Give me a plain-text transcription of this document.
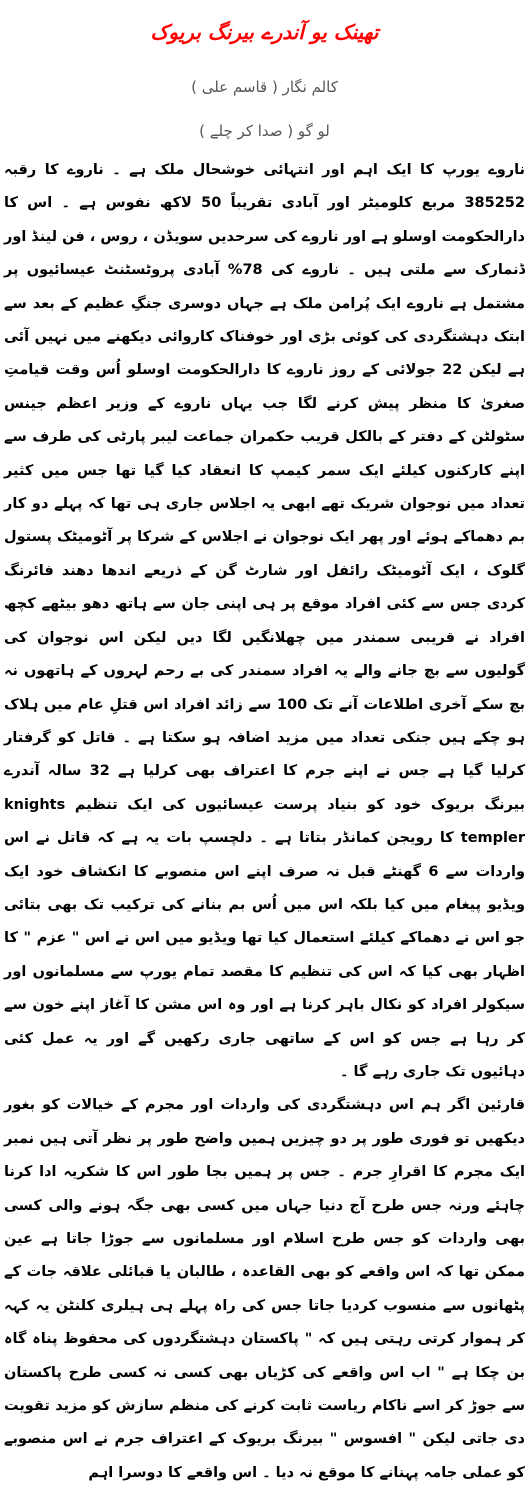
تھینک یو آندرے بیرنگ بریوک
کالم نگار ( قاسم علی )
لو گو ( صدا کر چلے )

ناروے یورپ کا ایک اہم اور انتہائی خوشحال ملک ہے ۔ ناروے کا رقبہ 385252 مربع کلومیٹر اور آبادی تقریباً 50 لاکھ نفوس ہے ۔ اس کا دارالحکومت اوسلو ہے اور ناروے کی سرحدیں سویڈن ، روس ، فن لینڈ اور ڈنمارک سے ملتی ہیں ۔ ناروے کی 78% آبادی پروٹسٹنٹ عیسائیوں پر مشتمل ہے ناروے ایک پُرامن ملک ہے جہاں دوسری جنگِ عظیم کے بعد سے ابتک دہشتگردی کی کوئی بڑی اور خوفناک کاروائی دیکھنے میں نہیں آئی ہے لیکن 22 جولائی کے روز ناروے کا دارالحکومت اوسلو اُس وقت قیامتِ صغریٰ کا منظر پیش کرنے لگا جب یہاں ناروے کے وزیر اعظم جینس سٹولٹن کے دفتر کے بالکل قریب حکمران جماعت لیبر پارٹی کی طرف سے اپنے کارکنوں کیلئے ایک سمر کیمپ کا انعقاد کیا گیا تھا جس میں کثیر تعداد میں نوجوان شریک تھے ابھی یہ اجلاس جاری ہی تھا کہ پہلے دو کار بم دھماکے ہوئے اور پھر ایک نوجوان نے اجلاس کے شرکا پر آٹومیٹک پستول گلوک ، ایک آٹومیٹک رائفل اور شارٹ گن کے ذریعے اندھا دھند فائرنگ کردی جس سے کئی افراد موقع پر ہی اپنی جان سے ہاتھ دھو بیٹھے کچھ افراد نے قریبی سمندر میں چھلانگیں لگا دیں لیکن اس نوجوان کی گولیوں سے بچ جانے والے یہ افراد سمندر کی بے رحم لہروں کے ہاتھوں نہ بچ سکے آخری اطلاعات آنے تک 100 سے زائد افراد اس قتلِ عام میں ہلاک ہو چکے ہیں جنکی تعداد میں مزید اضافہ ہو سکتا ہے ۔ قاتل کو گرفتار کرلیا گیا ہے جس نے اپنے جرم کا اعتراف بھی کرلیا ہے 32 سالہ آندرے بیرنگ بریوک خود کو بنیاد پرست عیسائیوں کی ایک تنظیم knights templer کا رویجن کمانڈر بتاتا ہے ۔ دلچسپ بات یہ ہے کہ قاتل نے اس واردات سے 6 گھنٹے قبل نہ صرف اپنے اس منصوبے کا انکشاف خود ایک ویڈیو پیغام میں کیا بلکہ اس میں اُس بم بنانے کی ترکیب تک بھی بتائی جو اس نے دھماکے کیلئے استعمال کیا تھا ویڈیو میں اس نے اس " عزم " کا اظہار بھی کیا کہ اس کی تنظیم کا مقصد تمام یورپ سے مسلمانوں اور سیکولر افراد کو نکال باہر کرنا ہے اور وہ اس مشن کا آغاز اپنے خون سے کر رہا ہے جس کو اس کے ساتھی جاری رکھیں گے اور یہ عمل کئی دہائیوں تک جاری رہے گا ۔

قارئین اگر ہم اس دہشتگردی کی واردات اور مجرم کے خیالات کو بغور دیکھیں تو فوری طور پر دو چیزیں ہمیں واضح طور پر نظر آتی ہیں نمبر ایک مجرم کا اقرارِ جرم ۔ جس پر ہمیں بجا طور اس کا شکریہ ادا کرنا چاہئے ورنہ جس طرح آج دنیا جہاں میں کسی بھی جگہ ہونے والی کسی بھی واردات کو جس طرح اسلام اور مسلمانوں سے جوڑا جاتا ہے عین ممکن تھا کہ اس واقعے کو بھی القاعدہ ، طالبان یا قبائلی علاقہ جات کے پٹھانوں سے منسوب کردیا جاتا جس کی راہ پہلے ہی ہیلری کلنٹن یہ کہہ کر ہموار کرتی رہتی ہیں کہ " پاکستان دہشتگردوں کی محفوظ پناہ گاہ بن چکا ہے " اب اس واقعے کی کڑیاں بھی کسی نہ کسی طرح پاکستان سے جوڑ کر اسے ناکام ریاست ثابت کرنے کی منظم سازش کو مزید تقویت دی جاتی لیکن " افسوس " بیرنگ بریوک کے اعتراف جرم نے اس منصوبے کو عملی جامہ پہنانے کا موقع نہ دیا ۔ اس واقعے کا دوسرا اہم
